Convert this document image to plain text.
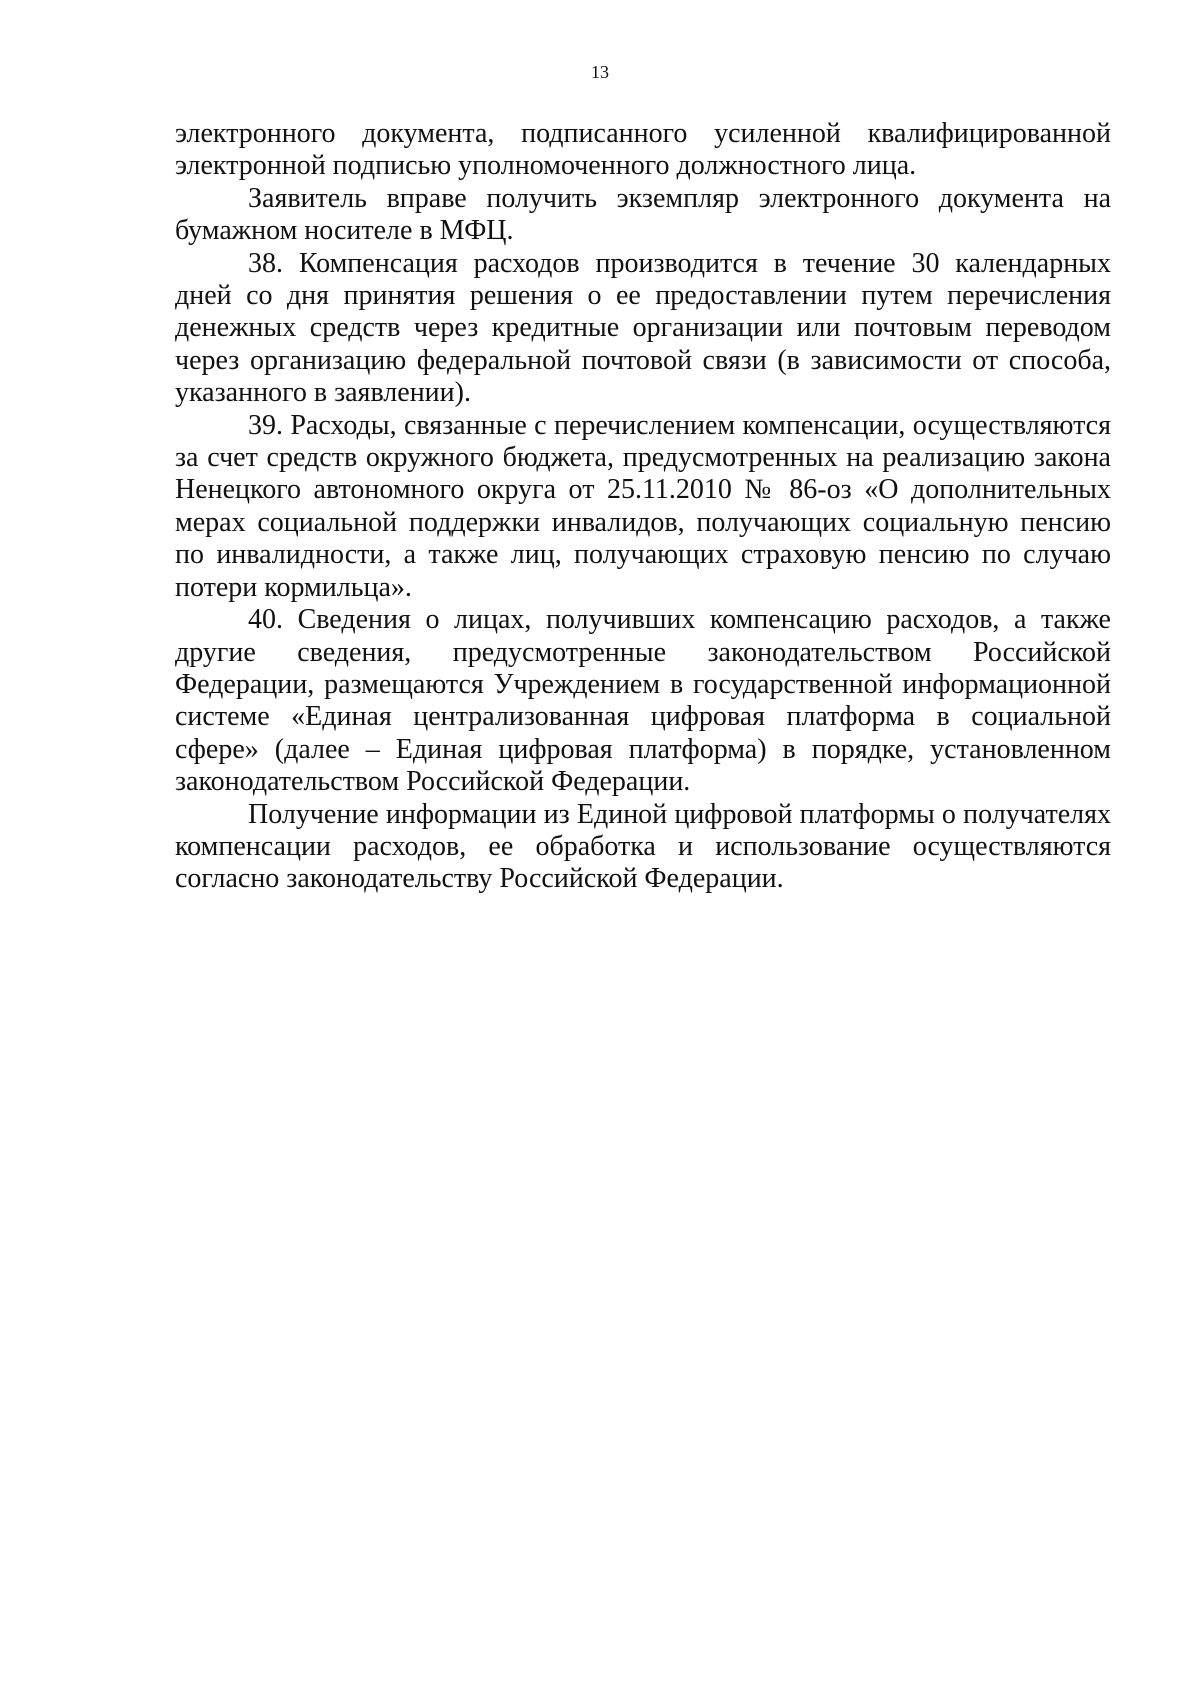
13

электронного документа, подписанного усиленной квалифицированной электронной подписью уполномоченного должностного лица.

Заявитель вправе получить экземпляр электронного документа на бумажном носителе в МФЦ.

38. Компенсация расходов производится в течение 30 календарных дней со дня принятия решения о ее предоставлении путем перечисления денежных средств через кредитные организации или почтовым переводом через организацию федеральной почтовой связи (в зависимости от способа, указанного в заявлении).

39. Расходы, связанные с перечислением компенсации, осуществляются за счет средств окружного бюджета, предусмотренных на реализацию закона Ненецкого автономного округа от 25.11.2010 № 86-оз «О дополнительных мерах социальной поддержки инвалидов, получающих социальную пенсию по инвалидности, а также лиц, получающих страховую пенсию по случаю потери кормильца».

40. Сведения о лицах, получивших компенсацию расходов, а также другие сведения, предусмотренные законодательством Российской Федерации, размещаются Учреждением в государственной информационной системе «Единая централизованная цифровая платформа в социальной сфере» (далее – Единая цифровая платформа) в порядке, установленном законодательством Российской Федерации.

Получение информации из Единой цифровой платформы о получателях компенсации расходов, ее обработка и использование осуществляются согласно законодательству Российской Федерации.
